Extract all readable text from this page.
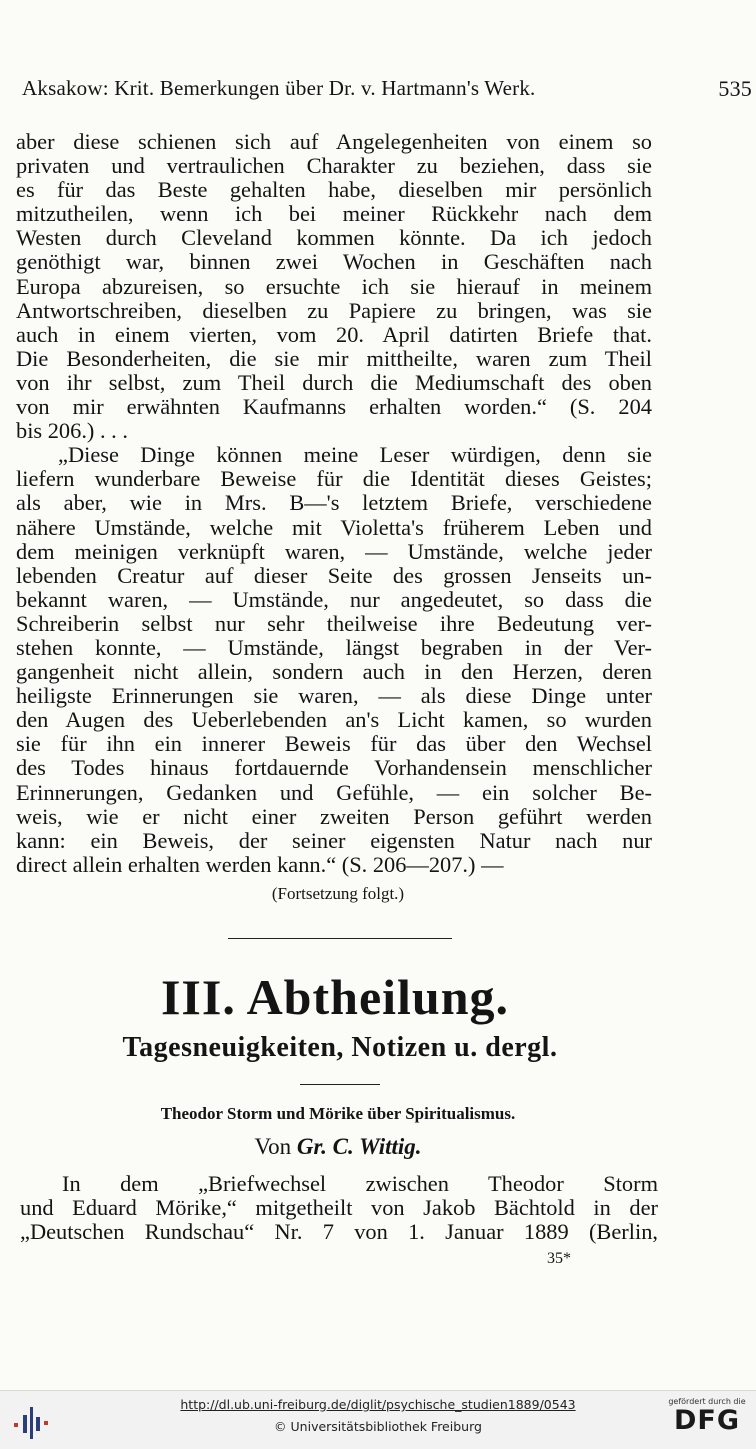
Aksakow: Krit. Bemerkungen über Dr. v. Hartmann's Werk.	535
aber diese schienen sich auf Angelegenheiten von einem so
privaten und vertraulichen Charakter zu beziehen, dass sie
es für das Beste gehalten habe, dieselben mir persönlich
mitzutheilen, wenn ich bei meiner Rückkehr nach dem
Westen durch Cleveland kommen könnte. Da ich jedoch
genöthigt war, binnen zwei Wochen in Geschäften nach
Europa abzureisen, so ersuchte ich sie hierauf in meinem
Antwortschreiben, dieselben zu Papiere zu bringen, was sie
auch in einem vierten, vom 20. April datirten Briefe that.
Die Besonderheiten, die sie mir mittheilte, waren zum Theil
von ihr selbst, zum Theil durch die Mediumschaft des oben
von mir erwähnten Kaufmanns erhalten worden.“ (S. 204
bis 206.) . . .
„Diese Dinge können meine Leser würdigen, denn sie
liefern wunderbare Beweise für die Identität dieses Geistes;
als aber, wie in Mrs. B—'s letztem Briefe, verschiedene
nähere Umstände, welche mit Violetta's früherem Leben und
dem meinigen verknüpft waren, — Umstände, welche jeder
lebenden Creatur auf dieser Seite des grossen Jenseits un-
bekannt waren, — Umstände, nur angedeutet, so dass die
Schreiberin selbst nur sehr theilweise ihre Bedeutung ver-
stehen konnte, — Umstände, längst begraben in der Ver-
gangenheit nicht allein, sondern auch in den Herzen, deren
heiligste Erinnerungen sie waren, — als diese Dinge unter
den Augen des Ueberlebenden an's Licht kamen, so wurden
sie für ihn ein innerer Beweis für das über den Wechsel
des Todes hinaus fortdauernde Vorhandensein menschlicher
Erinnerungen, Gedanken und Gefühle, — ein solcher Be-
weis, wie er nicht einer zweiten Person geführt werden
kann: ein Beweis, der seiner eigensten Natur nach nur
direct allein erhalten werden kann.“ (S. 206—207.) —
(Fortsetzung folgt.)
III. Abtheilung.
Tagesneuigkeiten, Notizen u. dergl.
Theodor Storm und Mörike über Spiritualismus.
Von Gr. C. Wittig.
In dem „Briefwechsel zwischen Theodor Storm
und Eduard Mörike,“ mitgetheilt von Jakob Bächtold in der
„Deutschen Rundschau“ Nr. 7 von 1. Januar 1889 (Berlin,
35*
http://dl.ub.uni-freiburg.de/diglit/psychische_studien1889/0543
© Universitätsbibliothek Freiburg
gefördert durch die
DFG
